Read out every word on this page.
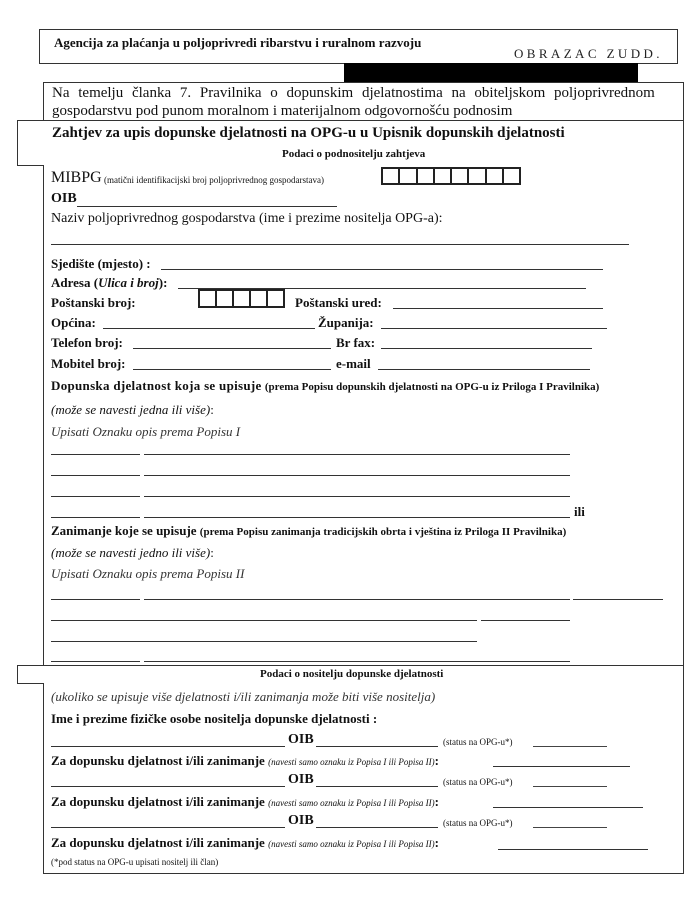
Agencija za plaćanja u poljoprivredi ribarstvu i ruralnom razvoju
OBRAZAC ZUDD.
Na temelju članka 7. Pravilnika o dopunskim djelatnostima na obiteljskom poljoprivrednom
gospodarstvu pod punom moralnom i materijalnom odgovornošću podnosim
Zahtjev za upis dopunske djelatnosti na OPG-u u Upisnik dopunskih djelatnosti
Podaci o podnositelju zahtjeva
MIBPG (matični identifikacijski broj poljoprivrednog gospodarstava)
OIB
Naziv poljoprivrednog gospodarstva (ime i prezime nositelja OPG-a):
Sjedište (mjesto) :
Adresa (Ulica i broj):
Poštanski broj:	Poštanski ured:
Općina:	Županija:
Telefon broj:	Br fax:
Mobitel broj:	e-mail
Dopunska djelatnost koja se upisuje (prema Popisu dopunskih djelatnosti na OPG-u iz Priloga I Pravilnika)
(može se navesti jedna ili više):
Upisati Oznaku opis prema Popisu I
ili
Zanimanje koje se upisuje (prema Popisu zanimanja tradicijskih obrta i vještina iz Priloga II Pravilnika)
(može se navesti jedno ili više):
Upisati Oznaku opis prema Popisu II
Podaci o nositelju dopunske djelatnosti
(ukoliko se upisuje više djelatnosti i/ili zanimanja može biti više nositelja)
Ime i prezime fizičke osobe nositelja dopunske djelatnosti :
OIB	(status na OPG-u*)
Za dopunsku djelatnost i/ili zanimanje (navesti samo oznaku iz Popisa I ili Popisa II):
OIB	(status na OPG-u*)
Za dopunsku djelatnost i/ili zanimanje (navesti samo oznaku iz Popisa I ili Popisa II):
OIB	(status na OPG-u*)
Za dopunsku djelatnost i/ili zanimanje (navesti samo oznaku iz Popisa I ili Popisa II):
(*pod status na OPG-u upisati nositelj ili član)
